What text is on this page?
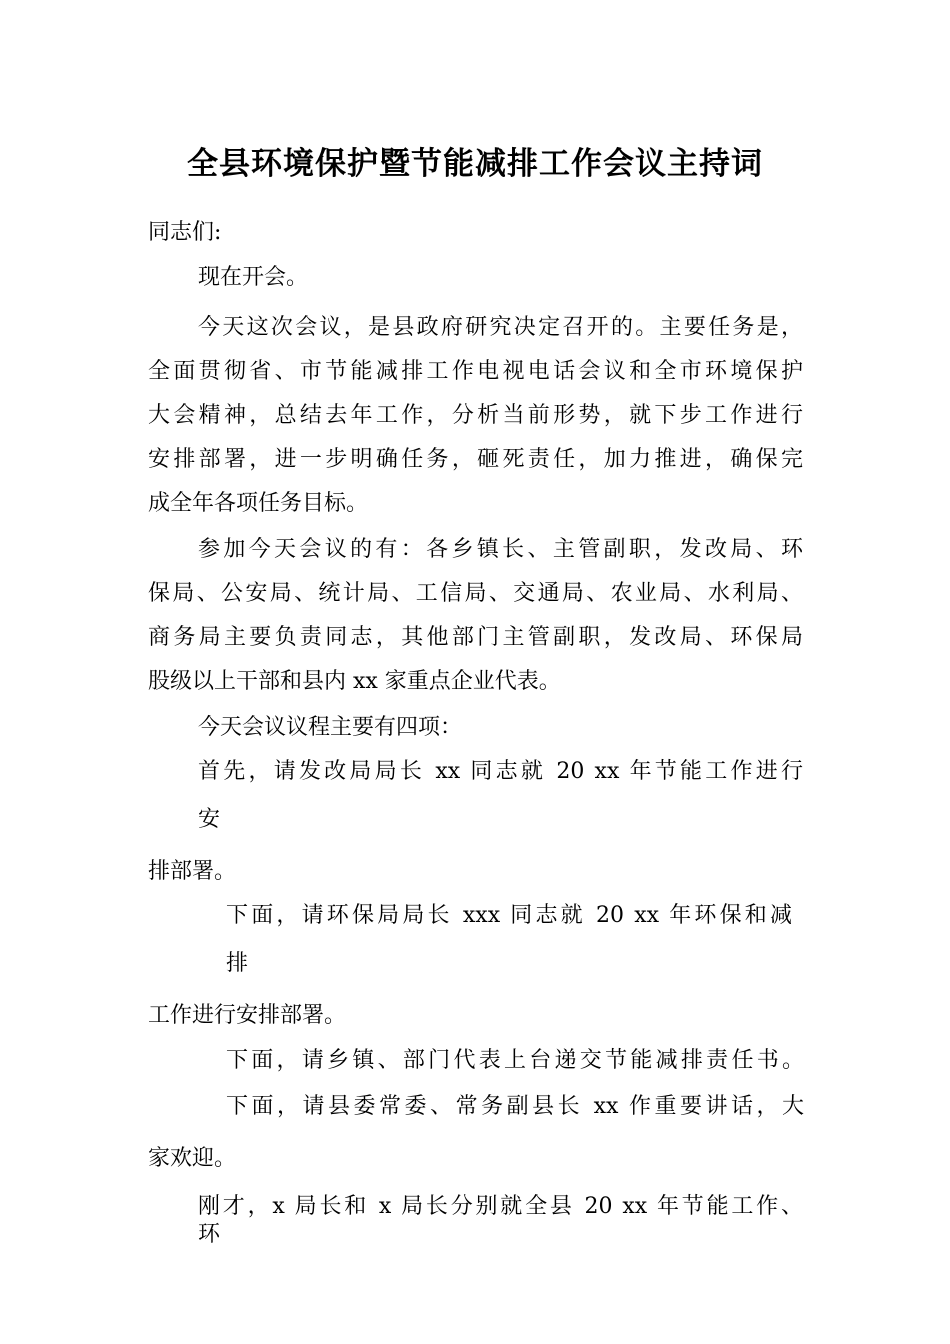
全县环境保护暨节能减排工作会议主持词
同志们:
现在开会。
今天这次会议，是县政府研究决定召开的。主要任务是，
全面贯彻省、市节能减排工作电视电话会议和全市环境保护
大会精神，总结去年工作，分析当前形势，就下步工作进行
安排部署，进一步明确任务，砸死责任，加力推进，确保完
成全年各项任务目标。
参加今天会议的有：各乡镇长、主管副职，发改局、环
保局、公安局、统计局、工信局、交通局、农业局、水利局、
商务局主要负责同志，其他部门主管副职，发改局、环保局
股级以上干部和县内 xx 家重点企业代表。
今天会议议程主要有四项：
首先，请发改局局长 xx 同志就 20 xx 年节能工作进行
安
排部署。
下面，请环保局局长 xxx 同志就 20 xx 年环保和减
排
工作进行安排部署。
下面，请乡镇、部门代表上台递交节能减排责任书。
下面，请县委常委、常务副县长 xx 作重要讲话，大
家欢迎。
刚才，x 局长和 x 局长分别就全县 20 xx 年节能工作、
环
